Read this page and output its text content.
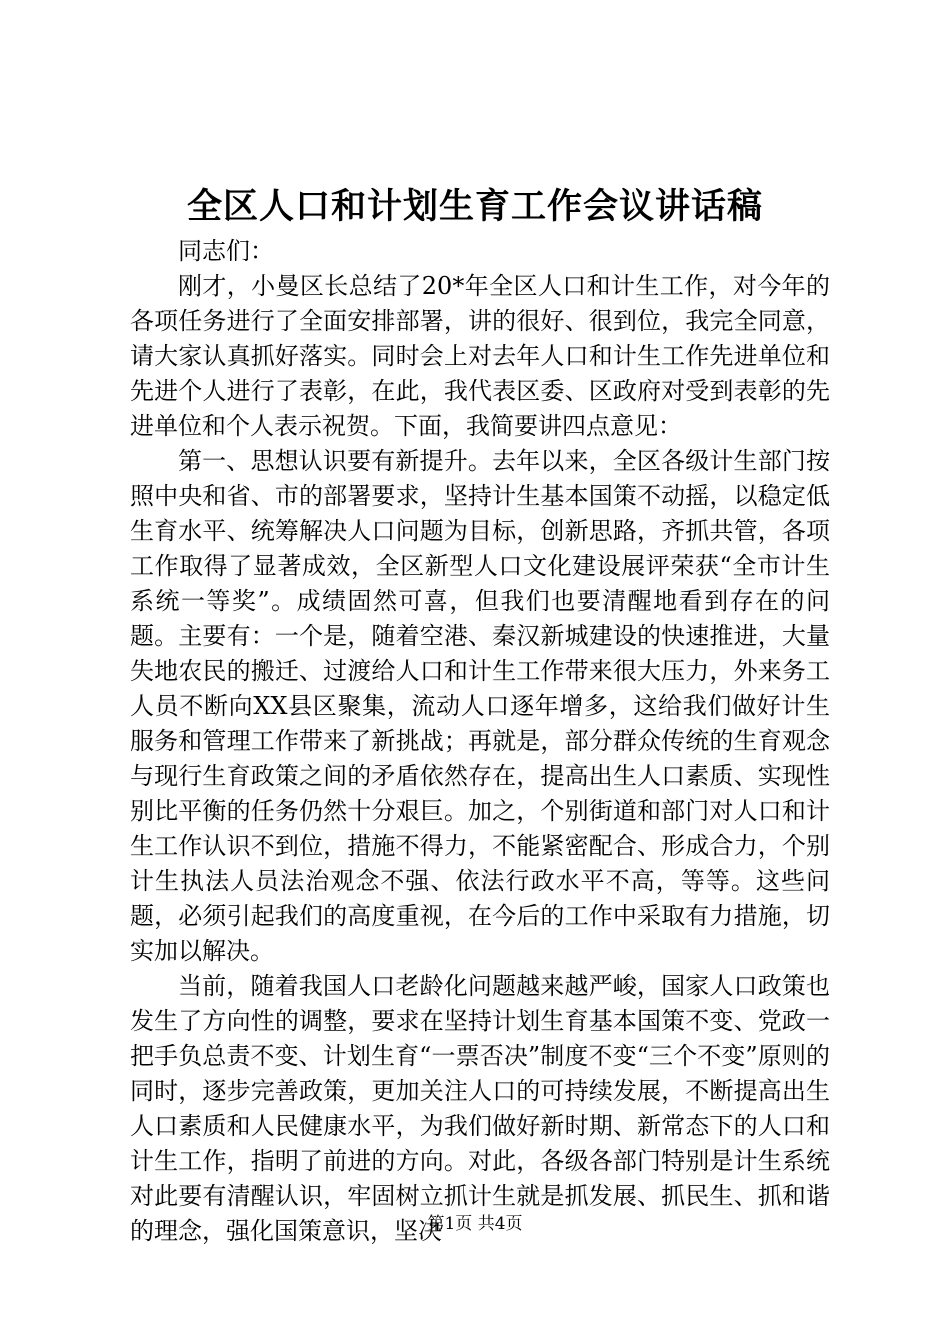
全区人口和计划生育工作会议讲话稿

同志们：

刚才，小曼区长总结了20*年全区人口和计生工作，对今年的各项任务进行了全面安排部署，讲的很好、很到位，我完全同意，请大家认真抓好落实。同时会上对去年人口和计生工作先进单位和先进个人进行了表彰，在此，我代表区委、区政府对受到表彰的先进单位和个人表示祝贺。下面，我简要讲四点意见：

第一、思想认识要有新提升。去年以来，全区各级计生部门按照中央和省、市的部署要求，坚持计生基本国策不动摇，以稳定低生育水平、统筹解决人口问题为目标，创新思路，齐抓共管，各项工作取得了显著成效，全区新型人口文化建设展评荣获“全市计生系统一等奖”。成绩固然可喜，但我们也要清醒地看到存在的问题。主要有：一个是，随着空港、秦汉新城建设的快速推进，大量失地农民的搬迁、过渡给人口和计生工作带来很大压力，外来务工人员不断向XX县区聚集，流动人口逐年增多，这给我们做好计生服务和管理工作带来了新挑战；再就是，部分群众传统的生育观念与现行生育政策之间的矛盾依然存在，提高出生人口素质、实现性别比平衡的任务仍然十分艰巨。加之，个别街道和部门对人口和计生工作认识不到位，措施不得力，不能紧密配合、形成合力，个别计生执法人员法治观念不强、依法行政水平不高，等等。这些问题，必须引起我们的高度重视，在今后的工作中采取有力措施，切实加以解决。

当前，随着我国人口老龄化问题越来越严峻，国家人口政策也发生了方向性的调整，要求在坚持计划生育基本国策不变、党政一把手负总责不变、计划生育“一票否决”制度不变“三个不变”原则的同时，逐步完善政策，更加关注人口的可持续发展，不断提高出生人口素质和人民健康水平，为我们做好新时期、新常态下的人口和计生工作，指明了前进的方向。对此，各级各部门特别是计生系统对此要有清醒认识，牢固树立抓计生就是抓发展、抓民生、抓和谐的理念，强化国策意识，坚决

第1页 共4页
